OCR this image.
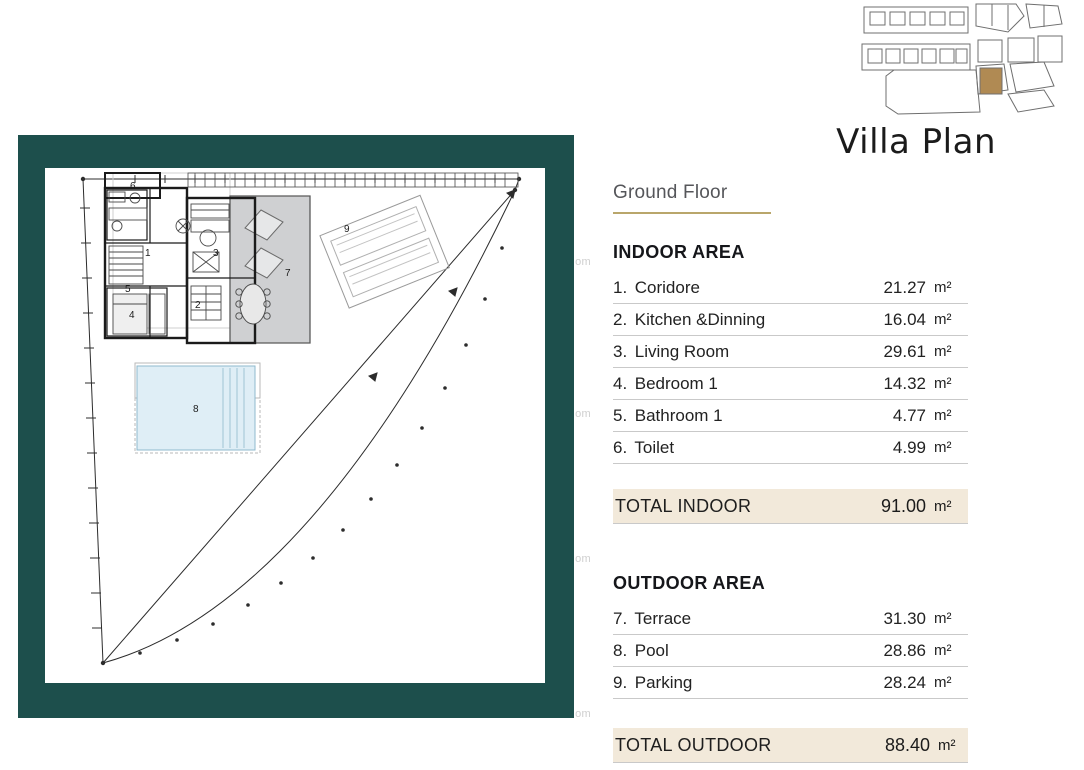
om
om
om
om
1
2
3
4
5
6
7
8
9
Villa Plan
Ground Floor
INDOOR AREA
1. Coridore	21.27 m²
2. Kitchen &Dinning	16.04 m²
3. Living Room	29.61 m²
4. Bedroom 1	14.32 m²
5. Bathroom 1	4.77 m²
6. Toilet	4.99 m²
TOTAL INDOOR	91.00 m²
OUTDOOR AREA
7. Terrace	31.30 m²
8. Pool	28.86 m²
9. Parking	28.24 m²
TOTAL OUTDOOR	88.40 m²
